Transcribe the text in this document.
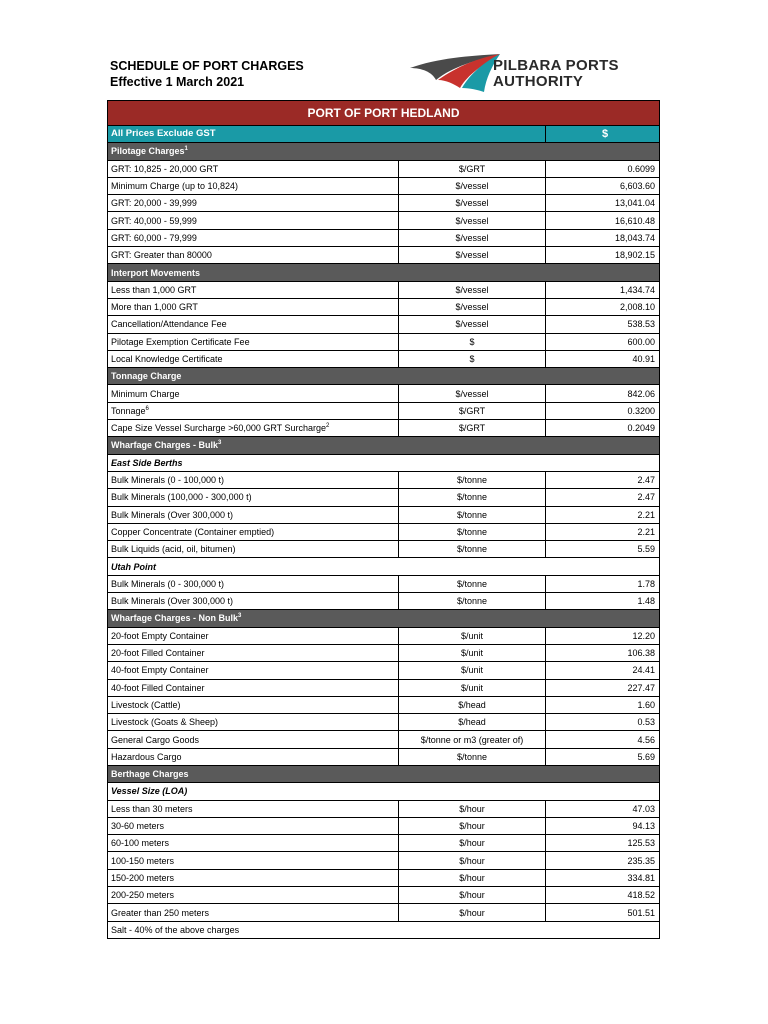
SCHEDULE OF PORT CHARGES
Effective 1 March 2021
PILBARA PORTS
AUTHORITY
PORT OF PORT HEDLAND		
All Prices Exclude GST		$
Pilotage Charges$^1$
GRT: 10,825 - 20,000 GRT	$/GRT	0.6099
Minimum Charge (up to 10,824)	$/vessel	6,603.60
GRT: 20,000 - 39,999	$/vessel	13,041.04
GRT: 40,000 - 59,999	$/vessel	16,610.48
GRT: 60,000 - 79,999	$/vessel	18,043.74
GRT: Greater than 80000	$/vessel	18,902.15
Interport Movements		
Less than 1,000 GRT	$/vessel	1,434.74
More than 1,000 GRT	$/vessel	2,008.10
Cancellation/Attendance Fee	$/vessel	538.53
Pilotage Exemption Certificate Fee	$	600.00
Local Knowledge Certificate	$	40.91
Tonnage Charge		
Minimum Charge	$/vessel	842.06
Tonnage$^6$	$/GRT	0.3200
Cape Size Vessel Surcharge >60,000 GRT Surcharge$^2$	$/GRT	0.2049
Wharfage Charges - Bulk$^3$
East Side Berths		
Bulk Minerals (0 - 100,000 t)	$/tonne	2.47
Bulk Minerals (100,000 - 300,000 t)	$/tonne	2.47
Bulk Minerals (Over 300,000 t)	$/tonne	2.21
Copper Concentrate (Container emptied)	$/tonne	2.21
Bulk Liquids (acid, oil, bitumen)	$/tonne	5.59
Utah Point		
Bulk Minerals (0 - 300,000 t)	$/tonne	1.78
Bulk Minerals (Over 300,000 t)	$/tonne	1.48
Wharfage Charges - Non Bulk$^3$
20-foot Empty Container	$/unit	12.20
20-foot Filled Container	$/unit	106.38
40-foot Empty Container	$/unit	24.41
40-foot Filled Container	$/unit	227.47
Livestock (Cattle)	$/head	1.60
Livestock (Goats & Sheep)	$/head	0.53
General Cargo Goods	$/tonne or m3 (greater of)	4.56
Hazardous Cargo	$/tonne	5.69
Berthage Charges		
Vessel Size (LOA)		
Less than 30 meters	$/hour	47.03
30-60 meters	$/hour	94.13
60-100 meters	$/hour	125.53
100-150 meters	$/hour	235.35
150-200 meters	$/hour	334.81
200-250 meters	$/hour	418.52
Greater than 250 meters	$/hour	501.51
Salt - 40% of the above charges		
